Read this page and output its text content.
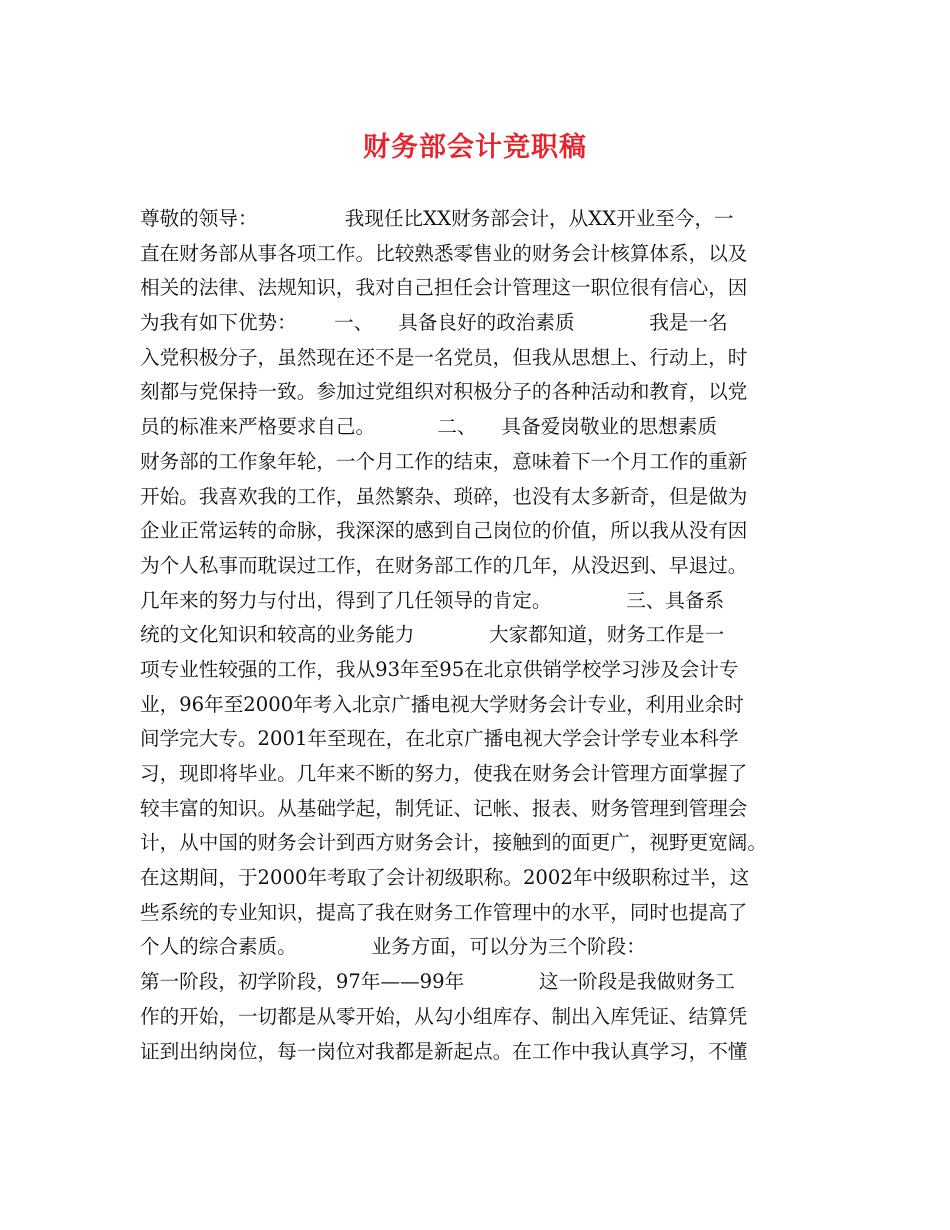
财务部会计竞职稿
尊敬的领导：              我现任比XX财务部会计，从XX开业至今，一
直在财务部从事各项工作。比较熟悉零售业的财务会计核算体系，以及
相关的法律、法规知识，我对自己担任会计管理这一职位很有信心，因
为我有如下优势：      一、    具备良好的政治素质            我是一名
入党积极分子，虽然现在还不是一名党员，但我从思想上、行动上，时
刻都与党保持一致。参加过党组织对积极分子的各种活动和教育，以党
员的标准来严格要求自己。          二、    具备爱岗敬业的思想素质
财务部的工作象年轮，一个月工作的结束，意味着下一个月工作的重新
开始。我喜欢我的工作，虽然繁杂、琐碎，也没有太多新奇，但是做为
企业正常运转的命脉，我深深的感到自己岗位的价值，所以我从没有因
为个人私事而耽误过工作，在财务部工作的几年，从没迟到、早退过。
几年来的努力与付出，得到了几任领导的肯定。            三、具备系
统的文化知识和较高的业务能力            大家都知道，财务工作是一
项专业性较强的工作，我从93年至95在北京供销学校学习涉及会计专
业，96年至2000年考入北京广播电视大学财务会计专业，利用业余时
间学完大专。2001年至现在，在北京广播电视大学会计学专业本科学
习，现即将毕业。几年来不断的努力，使我在财务会计管理方面掌握了
较丰富的知识。从基础学起，制凭证、记帐、报表、财务管理到管理会
计，从中国的财务会计到西方财务会计，接触到的面更广，视野更宽阔。
在这期间，于2000年考取了会计初级职称。2002年中级职称过半，这
些系统的专业知识，提高了我在财务工作管理中的水平，同时也提高了
个人的综合素质。            业务方面，可以分为三个阶段：
第一阶段，初学阶段，97年——99年            这一阶段是我做财务工
作的开始，一切都是从零开始，从勾小组库存、制出入库凭证、结算凭
证到出纳岗位，每一岗位对我都是新起点。在工作中我认真学习，不懂
